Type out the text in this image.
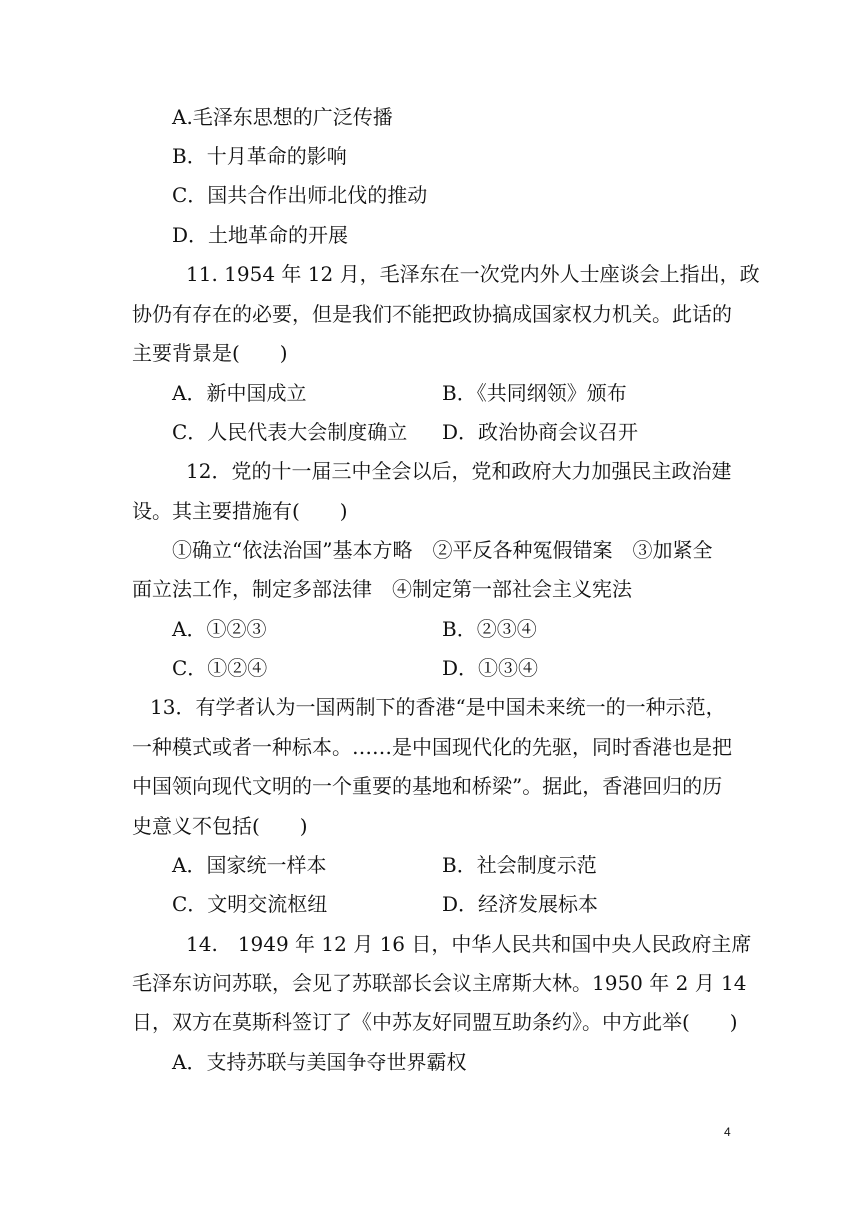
A.毛泽东思想的广泛传播
B．十月革命的影响
C．国共合作出师北伐的推动
D．土地革命的开展
11. 1954 年 12 月，毛泽东在一次党内外人士座谈会上指出，政
协仍有存在的必要，但是我们不能把政协搞成国家权力机关。此话的
主要背景是(　　)
A．新中国成立	B．《共同纲领》颁布
C．人民代表大会制度确立 D．政治协商会议召开
12．党的十一届三中全会以后，党和政府大力加强民主政治建
设。其主要措施有(　　)
①确立“依法治国”基本方略　②平反各种冤假错案　③加紧全
面立法工作，制定多部法律　④制定第一部社会主义宪法
A．①②③	B．②③④
C．①②④	D．①③④
13．有学者认为一国两制下的香港“是中国未来统一的一种示范，
一种模式或者一种标本。……是中国现代化的先驱，同时香港也是把
中国领向现代文明的一个重要的基地和桥梁”。据此，香港回归的历
史意义不包括(　　)
A．国家统一样本	B．社会制度示范
C．文明交流枢纽	D．经济发展标本
14.　1949 年 12 月 16 日，中华人民共和国中央人民政府主席
毛泽东访问苏联，会见了苏联部长会议主席斯大林。1950 年 2 月 14
日，双方在莫斯科签订了《中苏友好同盟互助条约》。中方此举(　　)
A．支持苏联与美国争夺世界霸权
4
